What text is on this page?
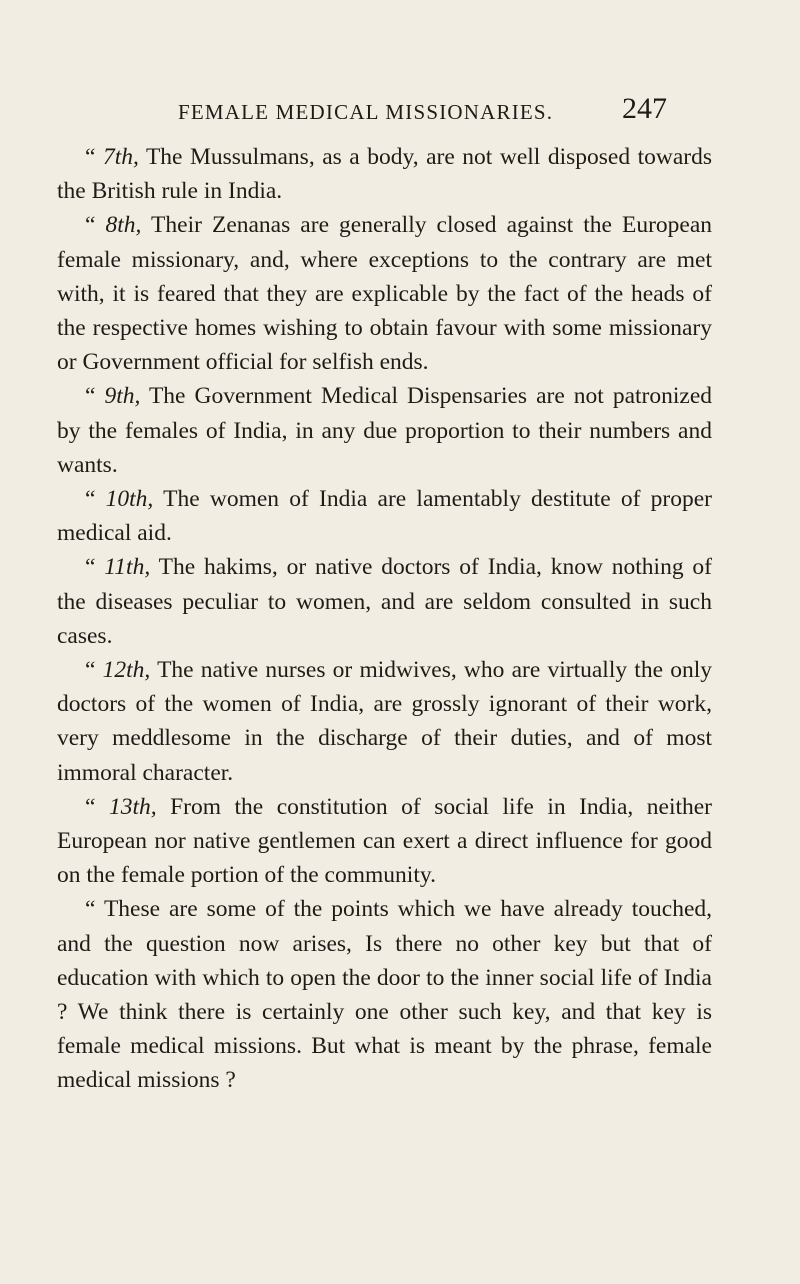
FEMALE MEDICAL MISSIONARIES. 247

“ 7th, The Mussulmans, as a body, are not well disposed towards the British rule in India.

“ 8th, Their Zenanas are generally closed against the European female missionary, and, where exceptions to the contrary are met with, it is feared that they are explicable by the fact of the heads of the respective homes wishing to obtain favour with some missionary or Government official for selfish ends.

“ 9th, The Government Medical Dispensaries are not patronized by the females of India, in any due proportion to their numbers and wants.

“ 10th, The women of India are lamentably destitute of proper medical aid.

“ 11th, The hakims, or native doctors of India, know nothing of the diseases peculiar to women, and are seldom consulted in such cases.

“ 12th, The native nurses or midwives, who are virtually the only doctors of the women of India, are grossly ignorant of their work, very meddlesome in the discharge of their duties, and of most immoral character.

“ 13th, From the constitution of social life in India, neither European nor native gentlemen can exert a direct influence for good on the female portion of the community.

“ These are some of the points which we have already touched, and the question now arises, Is there no other key but that of education with which to open the door to the inner social life of India ? We think there is certainly one other such key, and that key is female medical missions. But what is meant by the phrase, female medical missions ?
